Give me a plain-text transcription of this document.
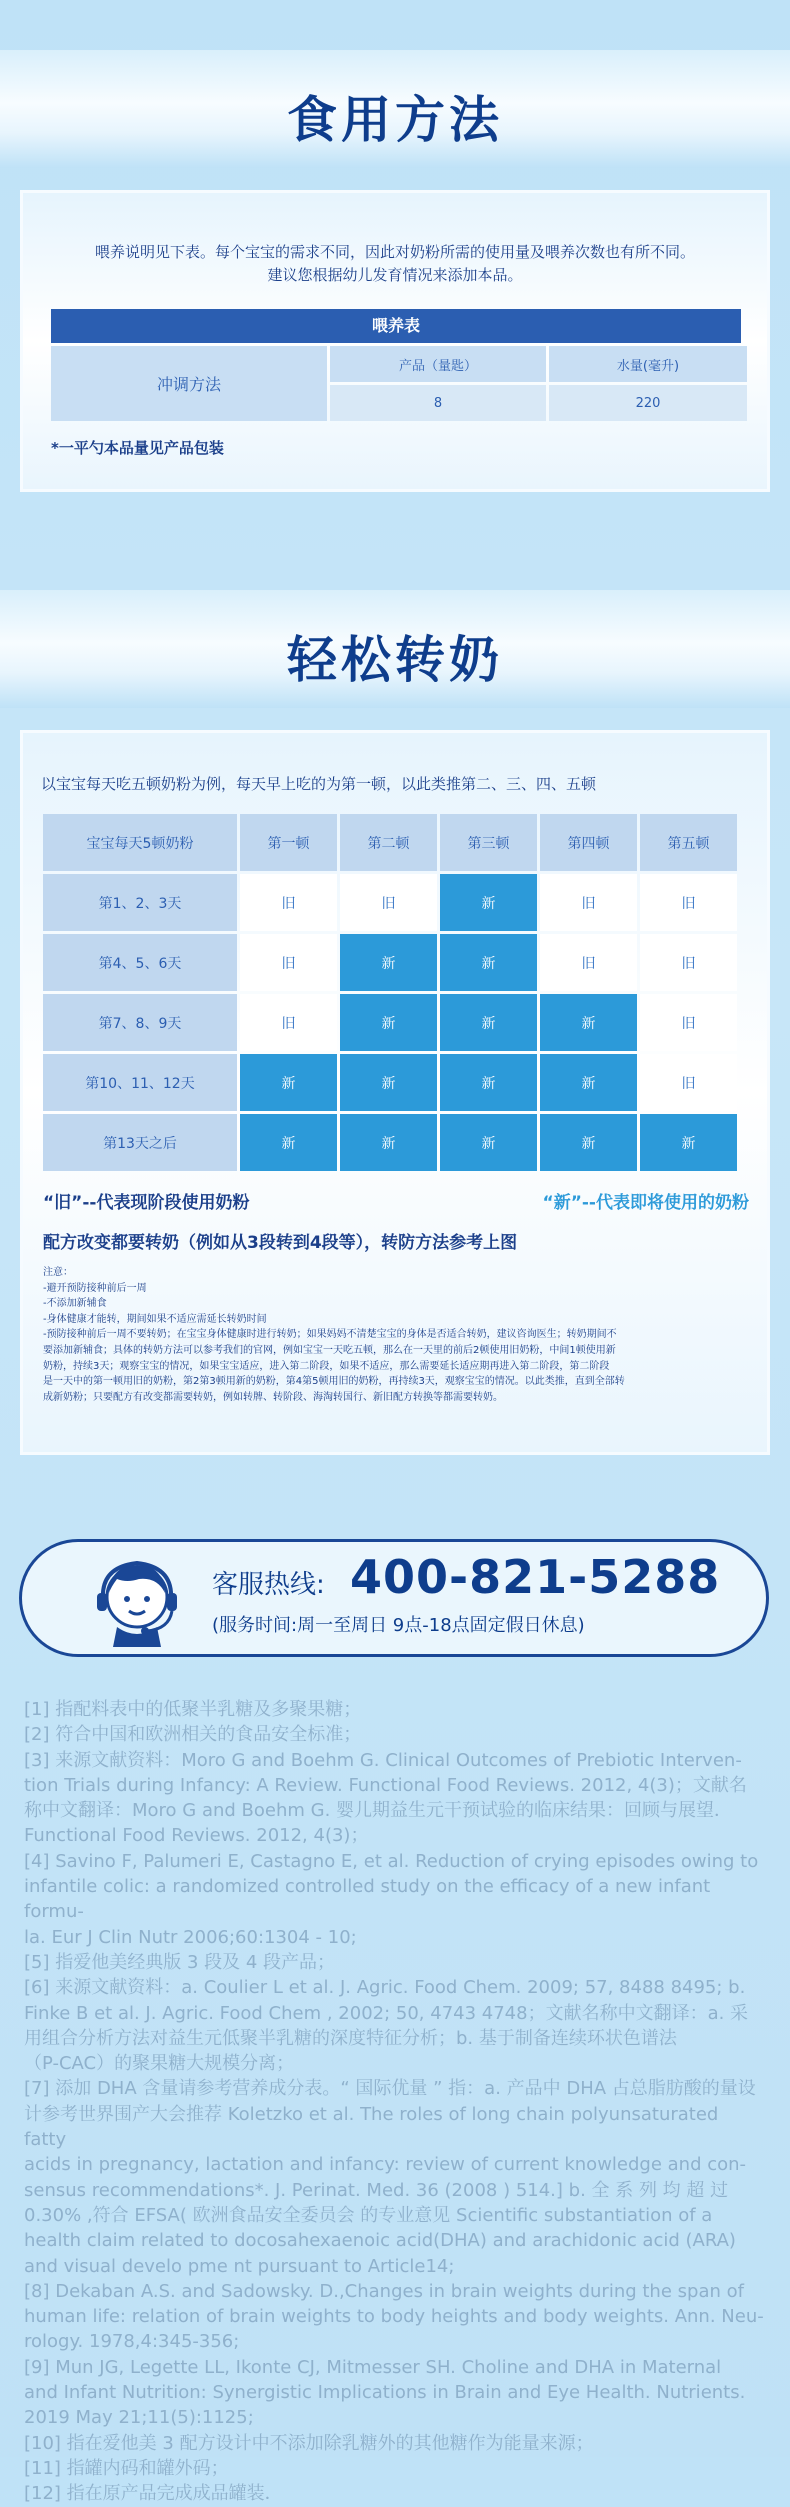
食用方法
喂养说明见下表。每个宝宝的需求不同，因此对奶粉所需的使用量及喂养次数也有所不同。
建议您根据幼儿发育情况来添加本品。
喂养表
冲调方法
产品（量匙）	水量(毫升)
8	220
*一平勺本品量见产品包装
轻松转奶
以宝宝每天吃五顿奶粉为例，每天早上吃的为第一顿，以此类推第二、三、四、五顿
宝宝每天5顿奶粉	第一顿	第二顿	第三顿	第四顿	第五顿
第1、2、3天	旧	旧	新	旧	旧
第4、5、6天	旧	新	新	旧	旧
第7、8、9天	旧	新	新	新	旧
第10、11、12天	新	新	新	新	旧
第13天之后	新	新	新	新	新
“旧”--代表现阶段使用奶粉	“新”--代表即将使用的奶粉
配方改变都要转奶（例如从3段转到4段等），转防方法参考上图
注意：
-避开预防接种前后一周
-不添加新辅食
-身体健康才能转，期间如果不适应需延长转奶时间
-预防接种前后一周不要转奶；在宝宝身体健康时进行转奶；如果妈妈不清楚宝宝的身体是否适合转奶，建议咨询医生；转奶期间不
要添加新辅食；具体的转奶方法可以参考我们的官网，例如宝宝一天吃五顿，那么在一天里的前后2顿使用旧奶粉，中间1顿使用新
奶粉，持续3天；观察宝宝的情况，如果宝宝适应，进入第二阶段，如果不适应，那么需要延长适应期再进入第二阶段，第二阶段
是一天中的第一顿用旧的奶粉，第2第3顿用新的奶粉，第4第5顿用旧的奶粉，再持续3天，观察宝宝的情况。以此类推，直到全部转
成新奶粉；只要配方有改变都需要转奶，例如转牌、转阶段、海淘转国行、新旧配方转换等都需要转奶。
客服热线: 400-821-5288
(服务时间:周一至周日 9点-18点固定假日休息)
[1] 指配料表中的低聚半乳糖及多聚果糖；
[2] 符合中国和欧洲相关的食品安全标准；
[3] 来源文献资料：Moro G and Boehm G. Clinical Outcomes of Prebiotic Interven-
tion Trials during Infancy: A Review. Functional Food Reviews. 2012, 4(3)；文献名
称中文翻译：Moro G and Boehm G. 婴儿期益生元干预试验的临床结果：回顾与展望．
Functional Food Reviews. 2012, 4(3)；
[4] Savino F, Palumeri E, Castagno E, et al. Reduction of crying episodes owing to
infantile colic: a randomized controlled study on the efficacy of a new infant formu-
la. Eur J Clin Nutr 2006;60:1304 - 10;
[5] 指爱他美经典版 3 段及 4 段产品；
[6] 来源文献资料：a. Coulier L et al. J. Agric. Food Chem. 2009; 57, 8488 8495; b.
Finke B et al. J. Agric. Food Chem , 2002; 50, 4743 4748；文献名称中文翻译：a. 采
用组合分析方法对益生元低聚半乳糖的深度特征分析；b. 基于制备连续环状色谱法
（P-CAC）的聚果糖大规模分离；
[7] 添加 DHA 含量请参考营养成分表。“ 国际优量 ” 指：a. 产品中 DHA 占总脂肪酸的量设
计参考世界围产大会推荐 Koletzko et al. The roles of long chain polyunsaturated fatty
acids in pregnancy, lactation and infancy: review of current knowledge and con-
sensus recommendations*. J. Perinat. Med. 36 (2008 ) 514.] b. 全 系 列 均 超 过
0.30% ,符合 EFSA( 欧洲食品安全委员会 的专业意见 Scientific substantiation of a
health claim related to docosahexaenoic acid(DHA) and arachidonic acid (ARA)
and visual develo pme nt pursuant to Article14;
[8] Dekaban A.S. and Sadowsky. D.,Changes in brain weights during the span of
human life: relation of brain weights to body heights and body weights. Ann. Neu-
rology. 1978,4:345-356;
[9] Mun JG, Legette LL, Ikonte CJ, Mitmesser SH. Choline and DHA in Maternal
and Infant Nutrition: Synergistic Implications in Brain and Eye Health. Nutrients.
2019 May 21;11(5):1125;
[10] 指在爱他美 3 配方设计中不添加除乳糖外的其他糖作为能量来源；
[11] 指罐内码和罐外码；
[12] 指在原产品完成成品罐装．
